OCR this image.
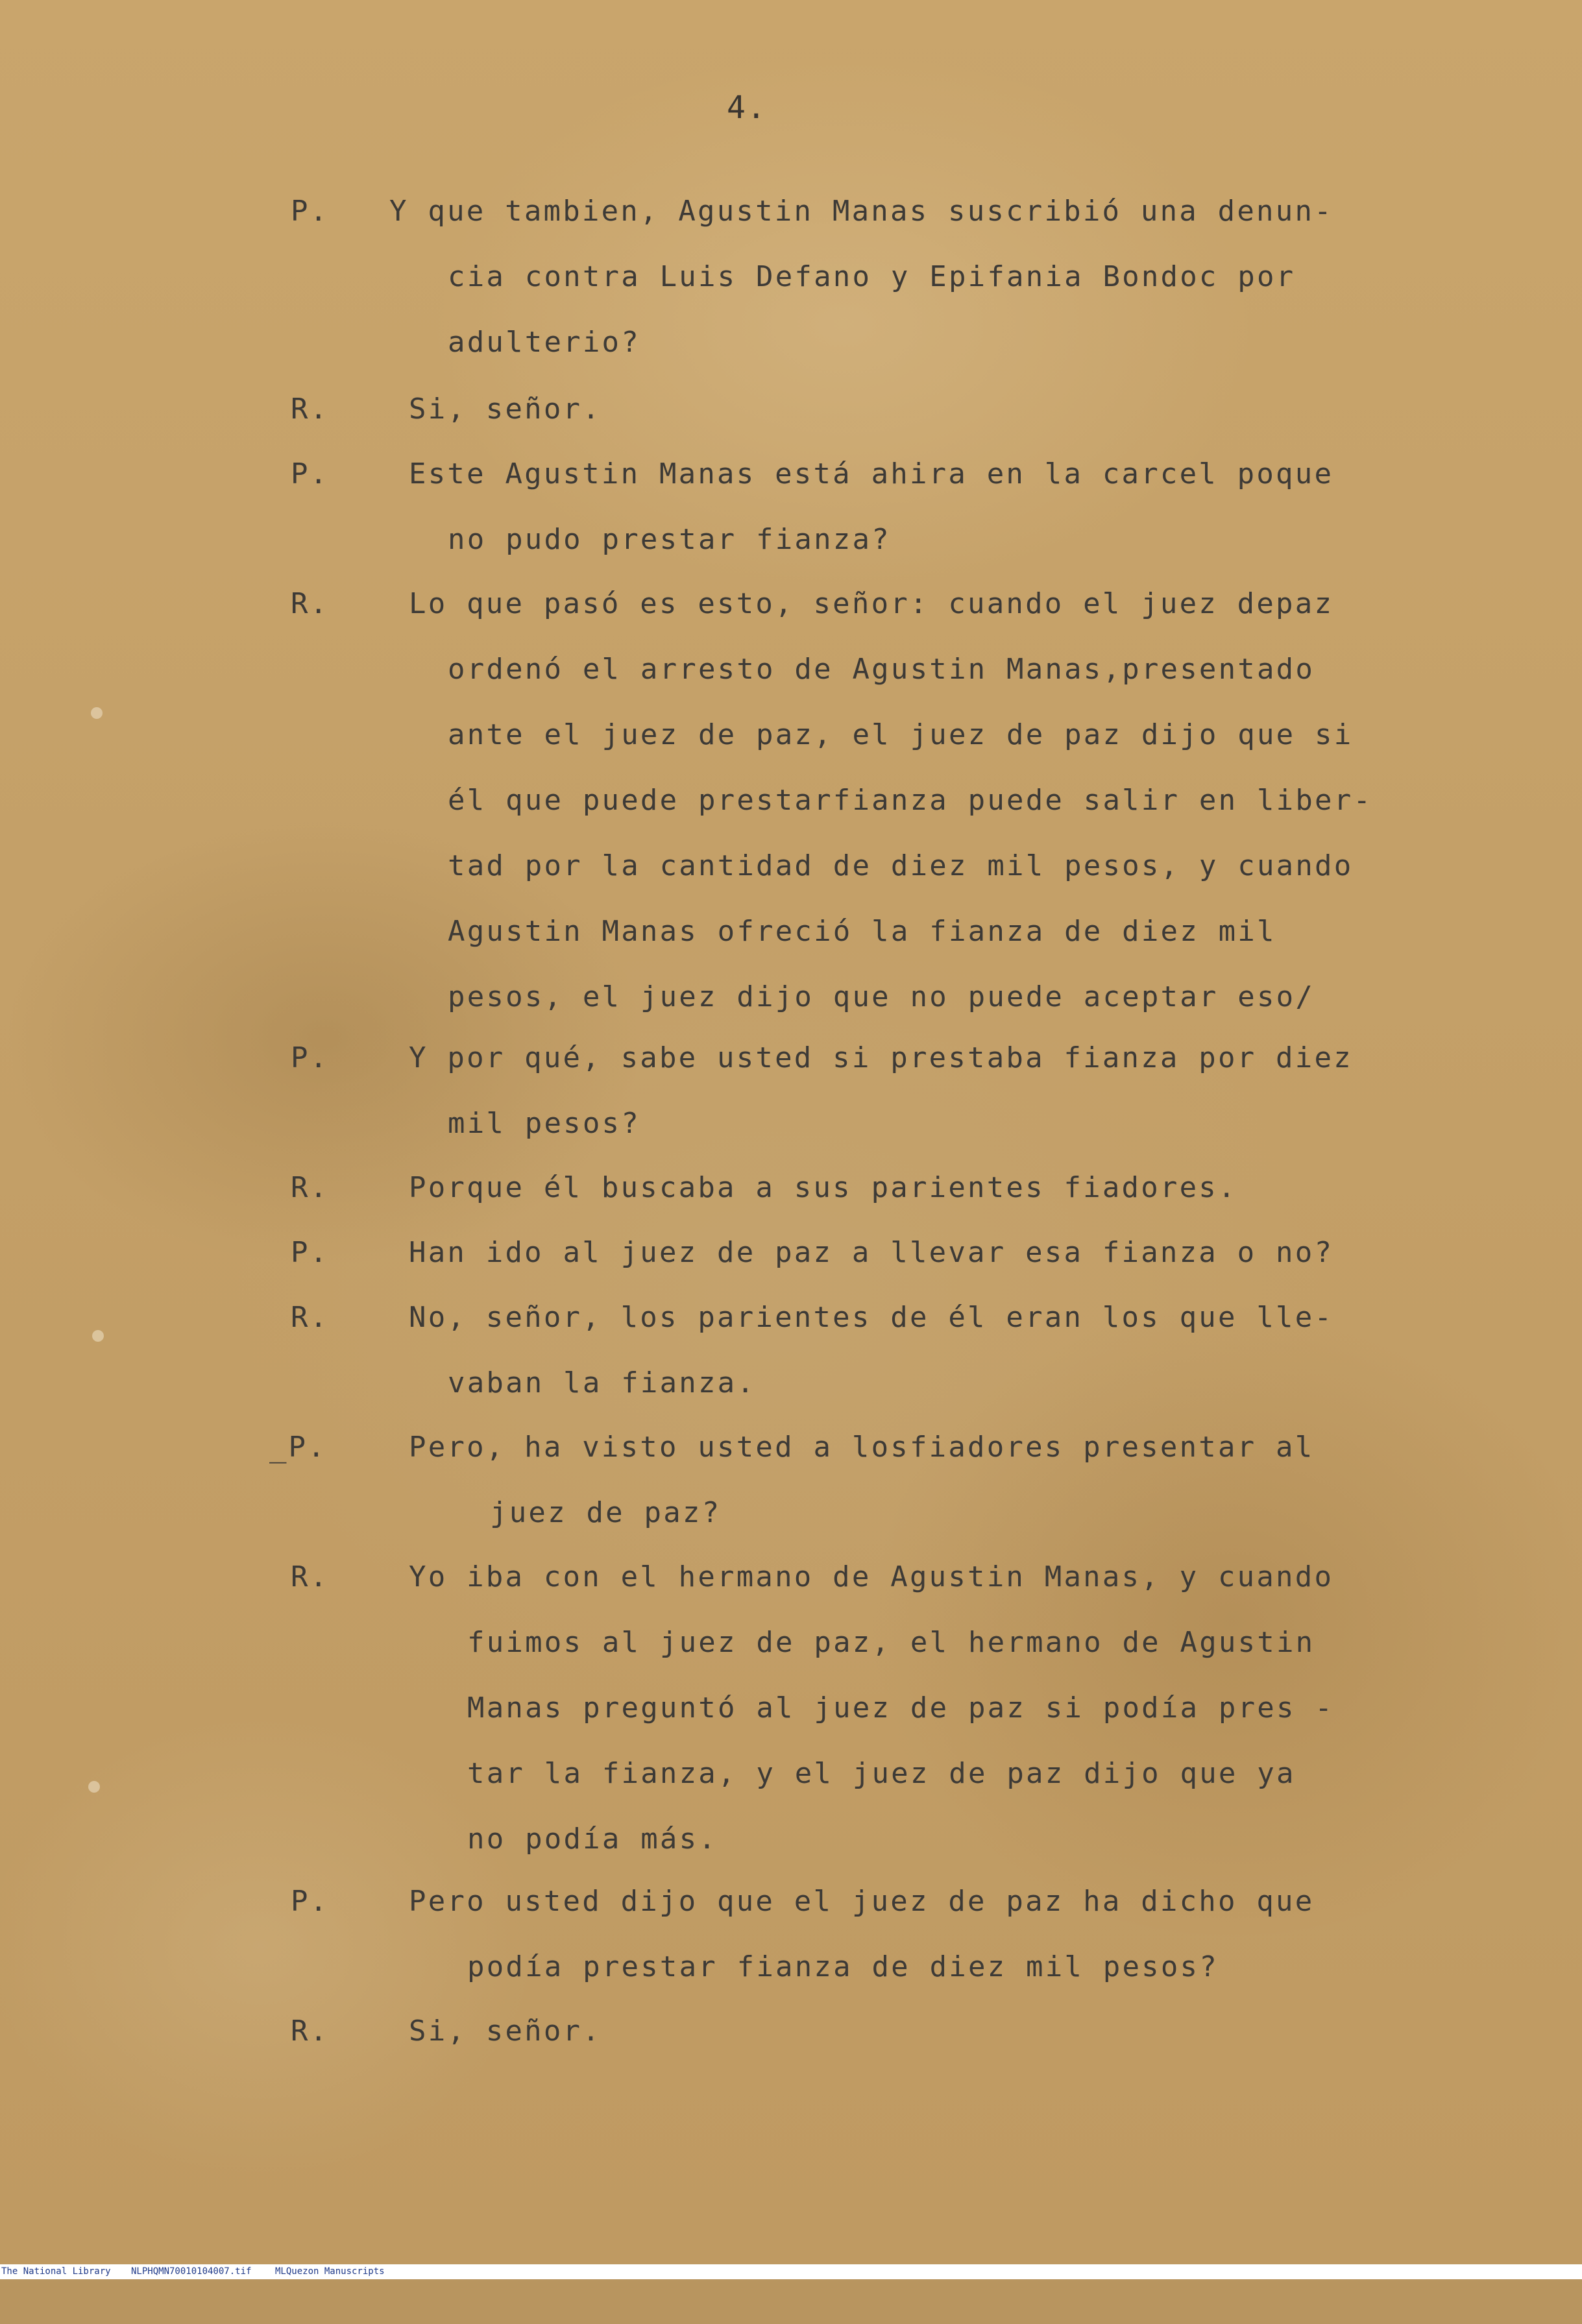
4.
P. Y que tambien, Agustin Manas suscribió una denun-
cia contra Luis Defano y Epifania Bondoc por
adulterio?
R.	Si, señor.
P.	Este Agustin Manas está ahira en la carcel poque
no pudo prestar fianza?
R.	Lo que pasó es esto, señor: cuando el juez depaz
ordenó el arresto de Agustin Manas,presentado
ante el juez de paz, el juez de paz dijo que si
él que puede prestarfianza puede salir en liber-
tad por la cantidad de diez mil pesos, y cuando
Agustin Manas ofreció la fianza de diez mil
pesos, el juez dijo que no puede aceptar eso/
P.	Y por qué, sabe usted si prestaba fianza por diez
mil pesos?
R.	Porque él buscaba a sus parientes fiadores.
P.	Han ido al juez de paz a llevar esa fianza o no?
R.	No, señor, los parientes de él eran los que lle-
vaban la fianza.
_P.	Pero, ha visto usted a losfiadores presentar al
juez de paz?
R.	Yo iba con el hermano de Agustin Manas, y cuando
fuimos al juez de paz, el hermano de Agustin
Manas preguntó al juez de paz si podía pres -
tar la fianza, y el juez de paz dijo que ya
no podía más.
P.	Pero usted dijo que el juez de paz ha dicho que
podía prestar fianza de diez mil pesos?
R.	Si, señor.

The National Library

NLPHQMN70010104007.tif

	MLQuezon Manuscripts
